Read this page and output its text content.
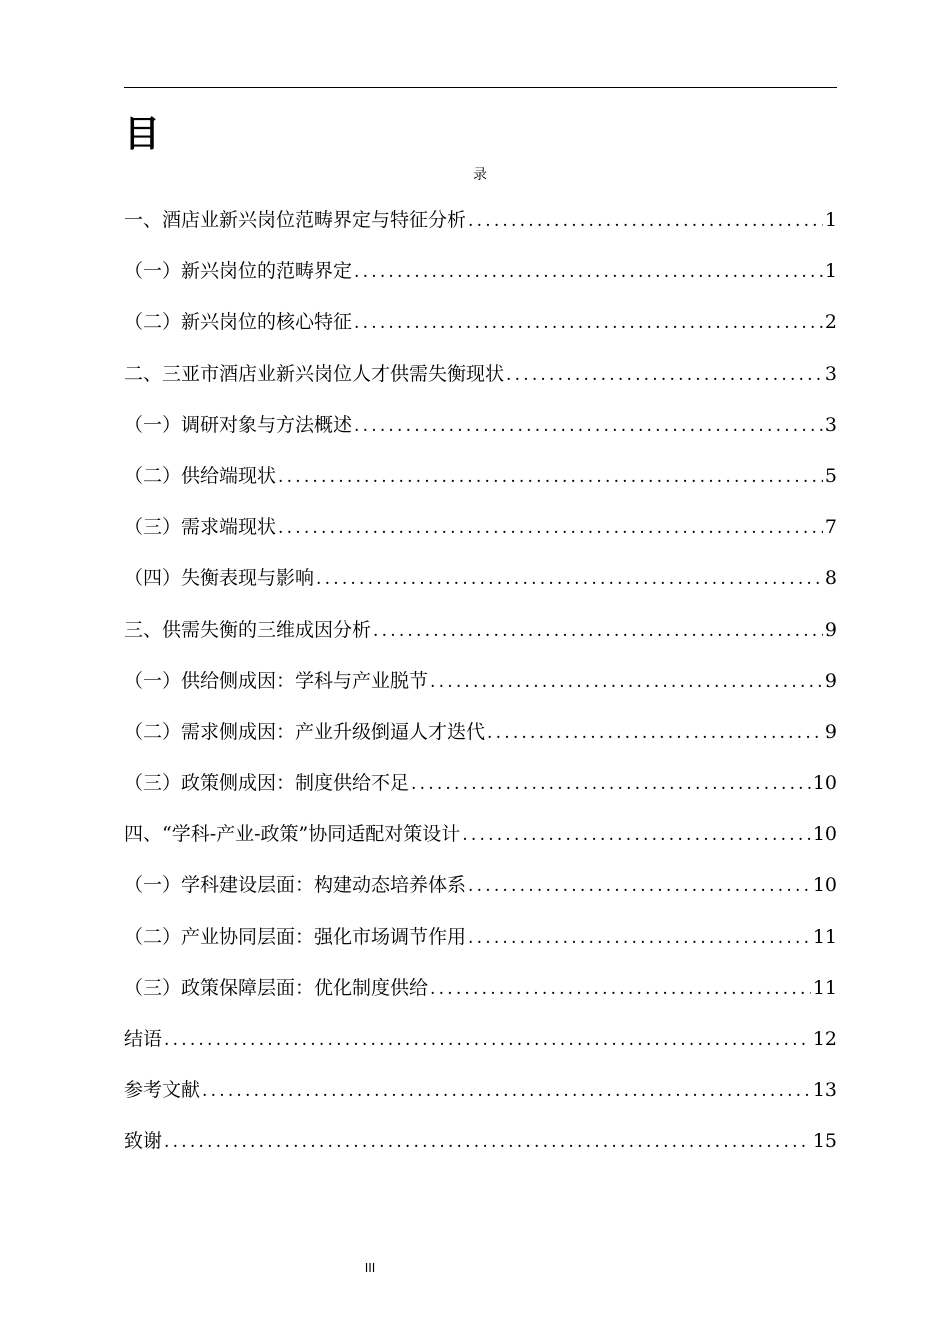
目
录
一、酒店业新兴岗位范畴界定与特征分析 .....	1
（一）新兴岗位的范畴界定 .....	1
（二）新兴岗位的核心特征 .....	2
二、三亚市酒店业新兴岗位人才供需失衡现状 .....	3
（一）调研对象与方法概述 .....	3
（二）供给端现状 .....	5
（三）需求端现状 .....	7
（四）失衡表现与影响 .....	8
三、供需失衡的三维成因分析 .....	9
（一）供给侧成因：学科与产业脱节 .....	9
（二）需求侧成因：产业升级倒逼人才迭代 .....	9
（三）政策侧成因：制度供给不足 .....	10
四、“学科-产业-政策”协同适配对策设计 .....	10
（一）学科建设层面：构建动态培养体系 .....	10
（二）产业协同层面：强化市场调节作用 .....	11
（三）政策保障层面：优化制度供给 .....	11
结语 .....	12
参考文献 .....	13
致谢 .....	15
III
